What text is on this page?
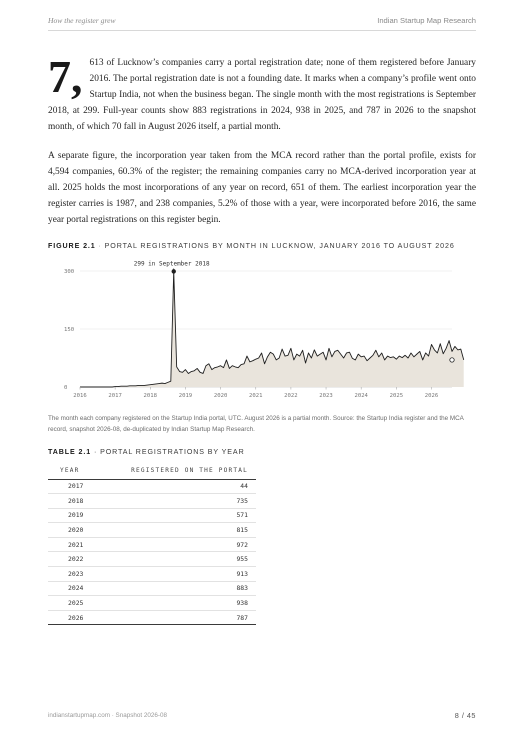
How the register grew	Indian Startup Map Research

7, 613 of Lucknow’s companies carry a portal registration date; none of them registered before January 2016. The portal registration date is not a founding date. It marks when a company’s profile went onto Startup India, not when the business began. The single month with the most registrations is September 2018, at 299. Full-year counts show 883 registrations in 2024, 938 in 2025, and 787 in 2026 to the snapshot month, of which 70 fall in August 2026 itself, a partial month.

A separate figure, the incorporation year taken from the MCA record rather than the portal profile, exists for 4,594 companies, 60.3% of the register; the remaining companies carry no MCA-derived incorporation year at all. 2025 holds the most incorporations of any year on record, 651 of them. The earliest incorporation year the register carries is 1987, and 238 companies, 5.2% of those with a year, were incorporated before 2016, the same year portal registrations on this register begin.

FIGURE 2.1 · PORTAL REGISTRATIONS BY MONTH IN LUCKNOW, JANUARY 2016 TO AUGUST 2026
299 in September 2018
0
150
300
2016	2017	2018	2019	2020	2021	2022	2023	2024	2025	2026

The month each company registered on the Startup India portal, UTC. August 2026 is a partial month. Source: the Startup India register and the MCA record, snapshot 2026-08, de-duplicated by Indian Startup Map Research.

TABLE 2.1 · PORTAL REGISTRATIONS BY YEAR
YEAR	REGISTERED ON THE PORTAL
2017	44
2018	735
2019	571
2020	815
2021	972
2022	955
2023	913
2024	883
2025	938
2026	787
indianstartupmap.com · Snapshot 2026-08	8 / 45
